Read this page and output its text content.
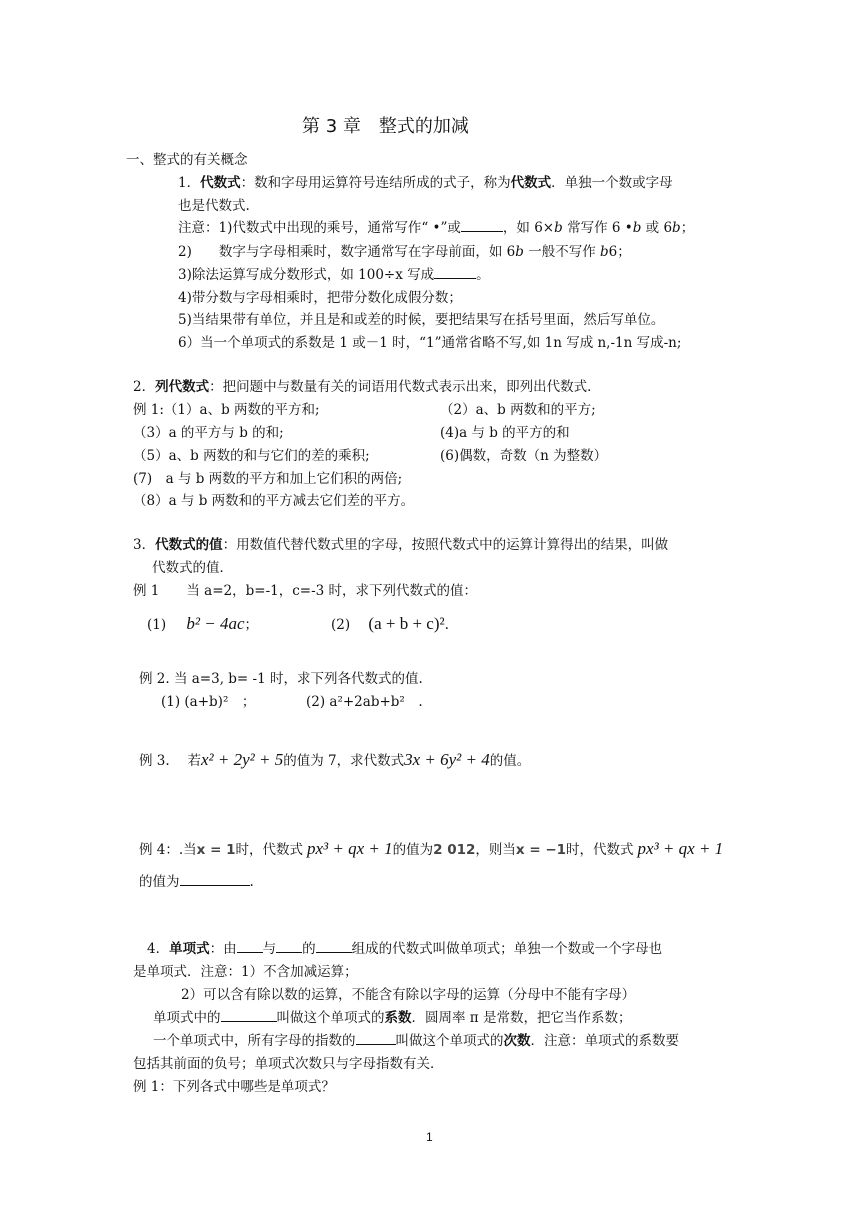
第 3 章　整式的加减
一、整式的有关概念
1．代数式：数和字母用运算符号连结所成的式子，称为代数式．单独一个数或字母
也是代数式.
注意：1)代数式中出现的乘号，通常写作“ •”或	，如 6×b 常写作 6 •b 或 6b；
2)　　数字与字母相乘时，数字通常写在字母前面，如 6b 一般不写作 b6；
3)除法运算写成分数形式，如 100÷x 写成	。
4)带分数与字母相乘时，把带分数化成假分数；
5)当结果带有单位，并且是和或差的时候，要把结果写在括号里面，然后写单位。
6）当一个单项式的系数是 1 或－1 时，“1”通常省略不写,如 1n 写成 n,-1n 写成-n;
2．列代数式：把问题中与数量有关的词语用代数式表示出来，即列出代数式．
例 1:（1）a、b 两数的平方和;	（2）a、b 两数和的平方;
（3）a 的平方与 b 的和;	(4)a 与 b 的平方的和
（5）a、b 两数的和与它们的差的乘积;	(6)偶数，奇数（n 为整数）
(7)　a 与 b 两数的平方和加上它们积的两倍;
（8）a 与 b 两数和的平方减去它们差的平方。
3．代数式的值：用数值代替代数式里的字母，按照代数式中的运算计算得出的结果，叫做
代数式的值．
例 1　　当 a=2，b=-1，c=-3 时，求下列代数式的值：
(1) b² − 4ac；	(2) (a + b + c)².
例 2. 当 a=3, b= -1 时，求下列各代数式的值.
(1) (a+b)²　；	(2) a²+2ab+b²　.
例 3.　 若x² + 2y² + 5的值为 7，求代数式3x + 6y² + 4的值。
例 4：.当x = 1时，代数式 px³ + qx + 1的值为2 012，则当x = −1时，代数式 px³ + qx + 1
的值为	.
4．单项式：由 与 的	组成的代数式叫做单项式；单独一个数或一个字母也
是单项式．注意：1）不含加减运算；
2）可以含有除以数的运算，不能含有除以字母的运算（分母中不能有字母）
单项式中的	叫做这个单项式的系数．圆周率 π 是常数，把它当作系数；
一个单项式中，所有字母的指数的	叫做这个单项式的次数．注意：单项式的系数要
包括其前面的负号；单项式次数只与字母指数有关．
例 1：下列各式中哪些是单项式？
1
